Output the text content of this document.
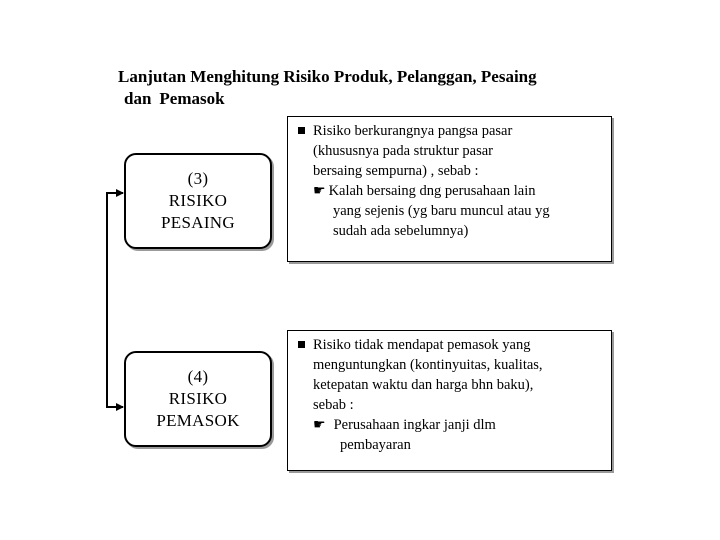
Lanjutan Menghitung Risiko Produk, Pelanggan, Pesaing
dan Pemasok
(3)
RISIKO
PESAING
(4)
RISIKO
PEMASOK
Risiko berkurangnya pangsa pasar
(khususnya pada struktur pasar
bersaing sempurna) , sebab :
☛ Kalah bersaing dng perusahaan lain
yang sejenis (yg baru muncul atau yg
sudah ada sebelumnya)
Risiko tidak mendapat pemasok yang
menguntungkan (kontinyuitas, kualitas,
ketepatan waktu dan harga bhn baku),
sebab :
☛ Perusahaan ingkar janji dlm
pembayaran
